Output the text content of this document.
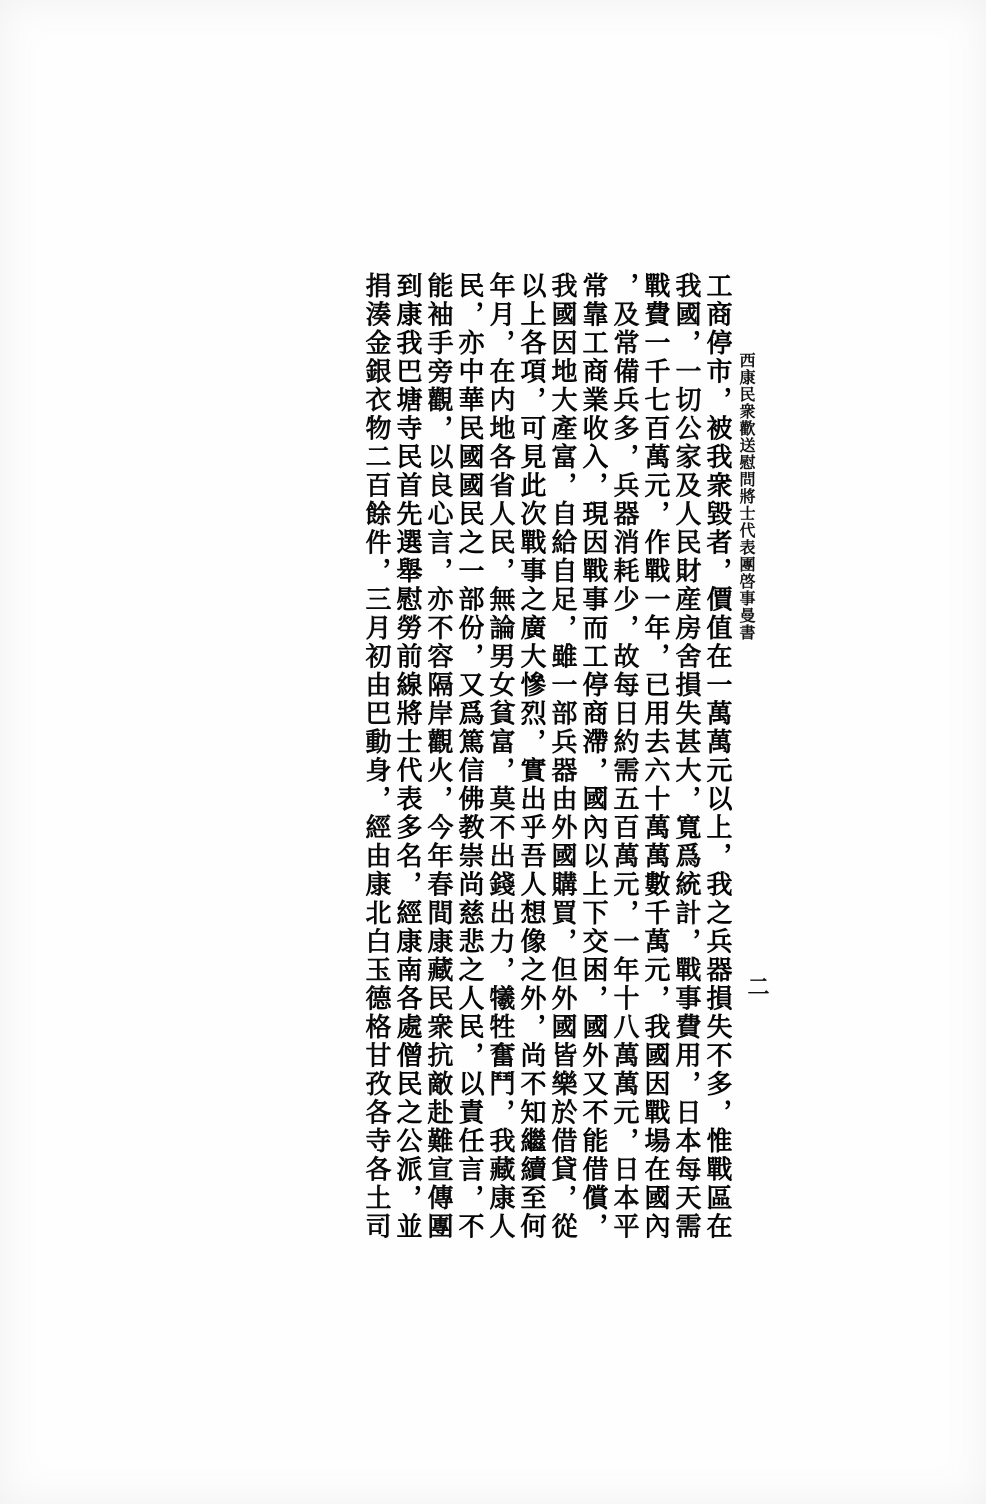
西康民衆歡送慰問將士代表團啓事曼書
二
工商停市，被我衆毀者，價值在一萬萬元以上，我之兵器損失不多，惟戰區在
我國，一切公家及人民財産房舍損失甚大，寬爲統計，戰事費用，日本每天需
戰費一千七百萬元，作戰一年，已用去六十萬萬數千萬元，我國因戰場在國內
，及常備兵多，兵器消耗少，故每日約需五百萬元，一年十八萬萬元，日本平
常靠工商業收入，現因戰事而工停商滯，國內以上下交困，國外又不能借償，
我國因地大產富，自給自足，雖一部兵器由外國購買，但外國皆樂於借貸，從
以上各項，可見此次戰事之廣大慘烈，實出乎吾人想像之外，尚不知繼續至何
年月，在内地各省人民，無論男女貧富，莫不出錢出力，犧牲奮鬥，我藏康人
民，亦中華民國國民之一部份，又爲篤信佛教崇尚慈悲之人民，以責任言，不
能袖手旁觀，以良心言，亦不容隔岸觀火，今年春間康藏民衆抗敵赴難宣傳團
到康我巴塘寺民首先選舉慰勞前線將士代表多名，經康南各處僧民之公派，並
捐湊金銀衣物二百餘件，三月初由巴動身，經由康北白玉德格甘孜各寺各土司
